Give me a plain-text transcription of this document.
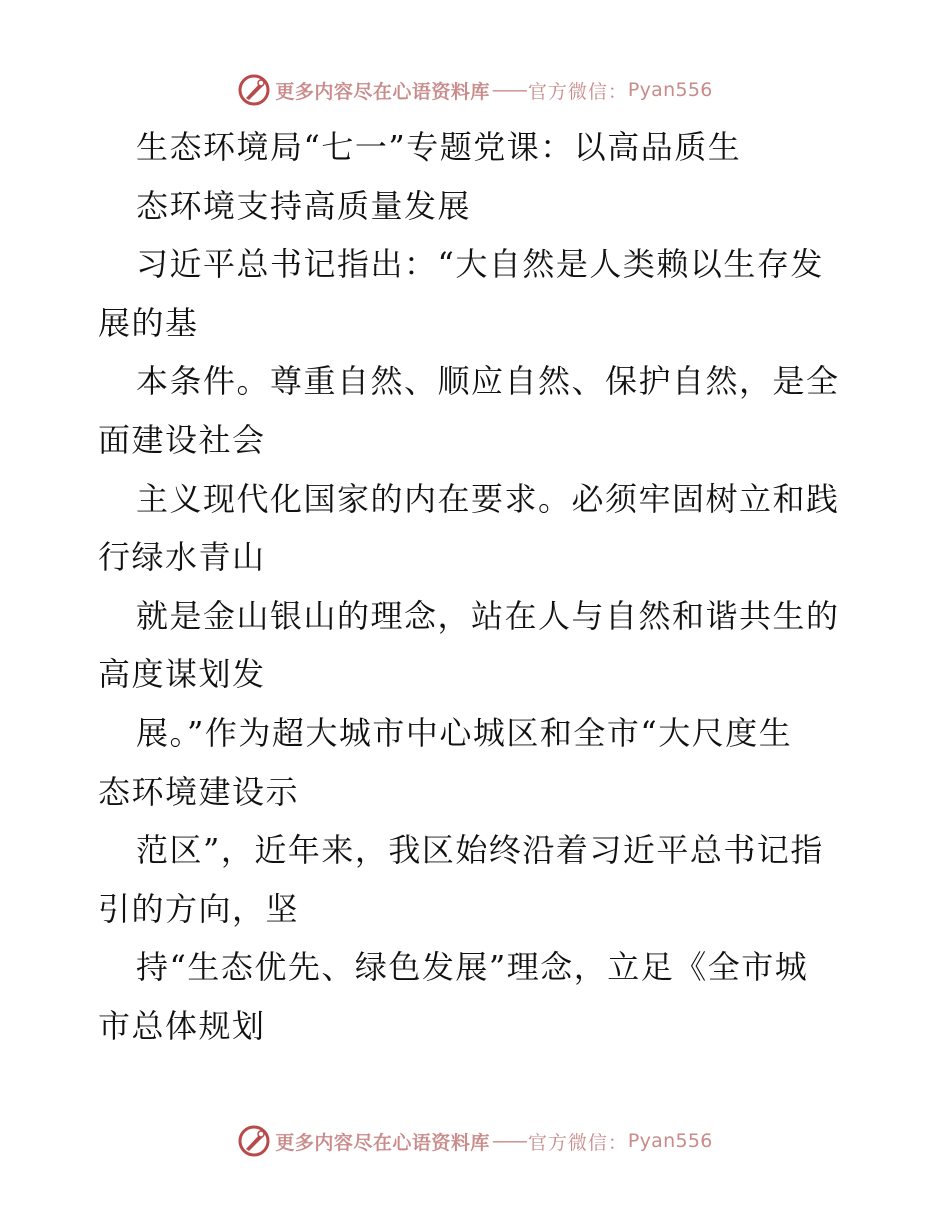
更多内容尽在心语资料库 —— 官方微信： Pyan556
生态环境局“七一”专题党课：以高品质生
态环境支持高质量发展
习近平总书记指出：“大自然是人类赖以生存发
展的基
本条件。尊重自然、顺应自然、保护自然，是全
面建设社会
主义现代化国家的内在要求。必须牢固树立和践
行绿水青山
就是金山银山的理念，站在人与自然和谐共生的
高度谋划发
展。”作为超大城市中心城区和全市“大尺度生
态环境建设示
范区”，近年来，我区始终沿着习近平总书记指
引的方向，坚
持“生态优先、绿色发展”理念，立足《全市城
市总体规划
更多内容尽在心语资料库 —— 官方微信： Pyan556
